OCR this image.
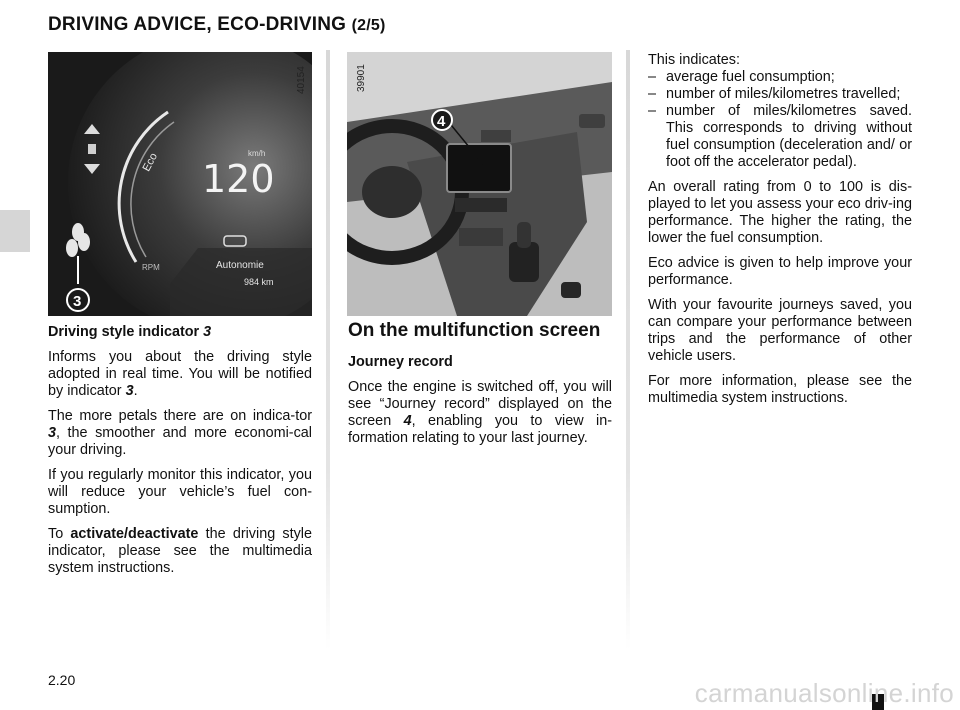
DRIVING ADVICE, ECO-DRIVING (2/5)
km/h
120
Eco
RPM	Autonomie
984 km
3
40154
4
39901
Driving style indicator 3

Informs you about the driving style adopted in real time. You will be notified by indicator 3.

The more petals there are on indica-tor 3, the smoother and more economi-cal your driving.

If you regularly monitor this indicator, you will reduce your vehicle’s fuel con-sumption.

To activate/deactivate the driving style indicator, please see the multimedia system instructions.

On the multifunction screen
Journey record

Once the engine is switched off, you will see “Journey record” displayed on the screen 4, enabling you to view in-formation relating to your last journey.

This indicates:
– average fuel consumption;
– number of miles/kilometres travelled;
– number of miles/kilometres saved. This corresponds to driving without fuel consumption (deceleration and/ or foot off the accelerator pedal).

An overall rating from 0 to 100 is dis-played to let you assess your eco driv-ing performance. The higher the rating, the lower the fuel consumption.

Eco advice is given to help improve your performance.

With your favourite journeys saved, you can compare your performance between trips and the performance of other vehicle users.

For more information, please see the multimedia system instructions.

2.20	carmanualsonline.info
